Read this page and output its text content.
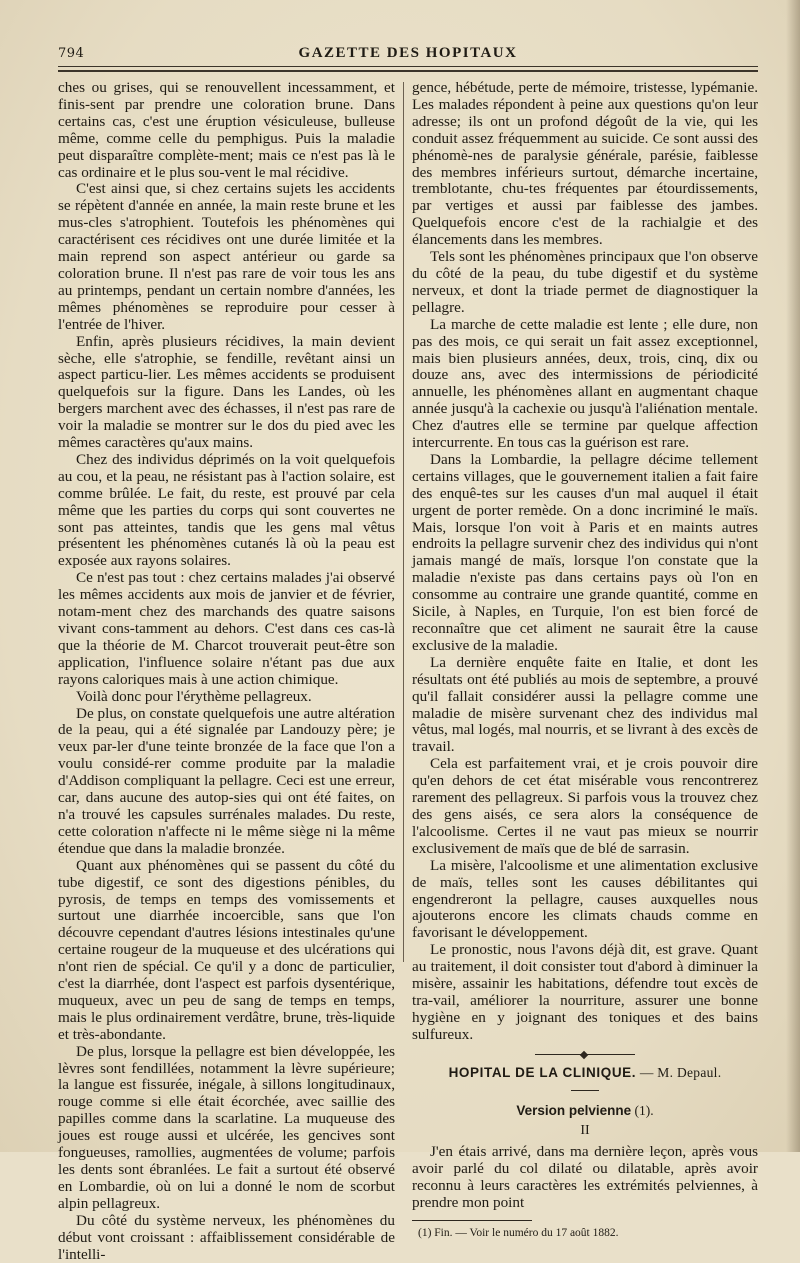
794	GAZETTE DES HOPITAUX

ches ou grises, qui se renouvellent incessamment, et finis-sent par prendre une coloration brune. Dans certains cas, c'est une éruption vésiculeuse, bulleuse même, comme celle du pemphigus. Puis la maladie peut disparaître complète-ment; mais ce n'est pas là le cas ordinaire et le plus sou-vent le mal récidive.

C'est ainsi que, si chez certains sujets les accidents se répètent d'année en année, la main reste brune et les mus-cles s'atrophient. Toutefois les phénomènes qui caractérisent ces récidives ont une durée limitée et la main reprend son aspect antérieur ou garde sa coloration brune. Il n'est pas rare de voir tous les ans au printemps, pendant un certain nombre d'années, les mêmes phénomènes se reproduire pour cesser à l'entrée de l'hiver.

Enfin, après plusieurs récidives, la main devient sèche, elle s'atrophie, se fendille, revêtant ainsi un aspect particu-lier. Les mêmes accidents se produisent quelquefois sur la figure. Dans les Landes, où les bergers marchent avec des échasses, il n'est pas rare de voir la maladie se montrer sur le dos du pied avec les mêmes caractères qu'aux mains.

Chez des individus déprimés on la voit quelquefois au cou, et la peau, ne résistant pas à l'action solaire, est comme brûlée. Le fait, du reste, est prouvé par cela même que les parties du corps qui sont couvertes ne sont pas atteintes, tandis que les gens mal vêtus présentent les phénomènes cutanés là où la peau est exposée aux rayons solaires.

Ce n'est pas tout : chez certains malades j'ai observé les mêmes accidents aux mois de janvier et de février, notam-ment chez des marchands des quatre saisons vivant cons-tamment au dehors. C'est dans ces cas-là que la théorie de M. Charcot trouverait peut-être son application, l'influence solaire n'étant pas due aux rayons caloriques mais à une action chimique.

Voilà donc pour l'érythème pellagreux.

De plus, on constate quelquefois une autre altération de la peau, qui a été signalée par Landouzy père; je veux par-ler d'une teinte bronzée de la face que l'on a voulu considé-rer comme produite par la maladie d'Addison compliquant la pellagre. Ceci est une erreur, car, dans aucune des autop-sies qui ont été faites, on n'a trouvé les capsules surrénales malades. Du reste, cette coloration n'affecte ni le même siège ni la même étendue que dans la maladie bronzée.

Quant aux phénomènes qui se passent du côté du tube digestif, ce sont des digestions pénibles, du pyrosis, de temps en temps des vomissements et surtout une diarrhée incoercible, sans que l'on découvre cependant d'autres lésions intestinales qu'une certaine rougeur de la muqueuse et des ulcérations qui n'ont rien de spécial. Ce qu'il y a donc de particulier, c'est la diarrhée, dont l'aspect est parfois dysentérique, muqueux, avec un peu de sang de temps en temps, mais le plus ordinairement verdâtre, brune, très-liquide et très-abondante.

De plus, lorsque la pellagre est bien développée, les lèvres sont fendillées, notamment la lèvre supérieure; la langue est fissurée, inégale, à sillons longitudinaux, rouge comme si elle était écorchée, avec saillie des papilles comme dans la scarlatine. La muqueuse des joues est rouge aussi et ulcérée, les gencives sont fongueuses, ramollies, augmentées de volume; parfois les dents sont ébranlées. Le fait a surtout été observé en Lombardie, où on lui a donné le nom de scorbut alpin pellagreux.

Du côté du système nerveux, les phénomènes du début vont croissant : affaiblissement considérable de l'intelli-

gence, hébétude, perte de mémoire, tristesse, lypémanie. Les malades répondent à peine aux questions qu'on leur adresse; ils ont un profond dégoût de la vie, qui les conduit assez fréquemment au suicide. Ce sont aussi des phénomè-nes de paralysie générale, parésie, faiblesse des membres inférieurs surtout, démarche incertaine, tremblotante, chu-tes fréquentes par étourdissements, par vertiges et aussi par faiblesse des jambes. Quelquefois encore c'est de la rachialgie et des élancements dans les membres.

Tels sont les phénomènes principaux que l'on observe du côté de la peau, du tube digestif et du système nerveux, et dont la triade permet de diagnostiquer la pellagre.

La marche de cette maladie est lente ; elle dure, non pas des mois, ce qui serait un fait assez exceptionnel, mais bien plusieurs années, deux, trois, cinq, dix ou douze ans, avec des intermissions de périodicité annuelle, les phénomènes allant en augmentant chaque année jusqu'à la cachexie ou jusqu'à l'aliénation mentale. Chez d'autres elle se termine par quelque affection intercurrente. En tous cas la guérison est rare.

Dans la Lombardie, la pellagre décime tellement certains villages, que le gouvernement italien a fait faire des enquê-tes sur les causes d'un mal auquel il était urgent de porter remède. On a donc incriminé le maïs. Mais, lorsque l'on voit à Paris et en maints autres endroits la pellagre survenir chez des individus qui n'ont jamais mangé de maïs, lorsque l'on constate que la maladie n'existe pas dans certains pays où l'on en consomme au contraire une grande quantité, comme en Sicile, à Naples, en Turquie, l'on est bien forcé de reconnaître que cet aliment ne saurait être la cause exclusive de la maladie.

La dernière enquête faite en Italie, et dont les résultats ont été publiés au mois de septembre, a prouvé qu'il fallait considérer aussi la pellagre comme une maladie de misère survenant chez des individus mal vêtus, mal logés, mal nourris, et se livrant à des excès de travail.

Cela est parfaitement vrai, et je crois pouvoir dire qu'en dehors de cet état misérable vous rencontrerez rarement des pellagreux. Si parfois vous la trouvez chez des gens aisés, ce sera alors la conséquence de l'alcoolisme. Certes il ne vaut pas mieux se nourrir exclusivement de maïs que de blé de sarrasin.

La misère, l'alcoolisme et une alimentation exclusive de maïs, telles sont les causes débilitantes qui engendreront la pellagre, causes auxquelles nous ajouterons encore les climats chauds comme en favorisant le développement.

Le pronostic, nous l'avons déjà dit, est grave. Quant au traitement, il doit consister tout d'abord à diminuer la misère, assainir les habitations, défendre tout excès de tra-vail, améliorer la nourriture, assurer une bonne hygiène en y joignant des toniques et des bains sulfureux.

HOPITAL DE LA CLINIQUE. — M. Depaul.
Version pelvienne (1).
II

J'en étais arrivé, dans ma dernière leçon, après vous avoir parlé du col dilaté ou dilatable, après avoir reconnu à leurs caractères les extrémités pelviennes, à prendre mon point

(1) Fin. — Voir le numéro du 17 août 1882.
